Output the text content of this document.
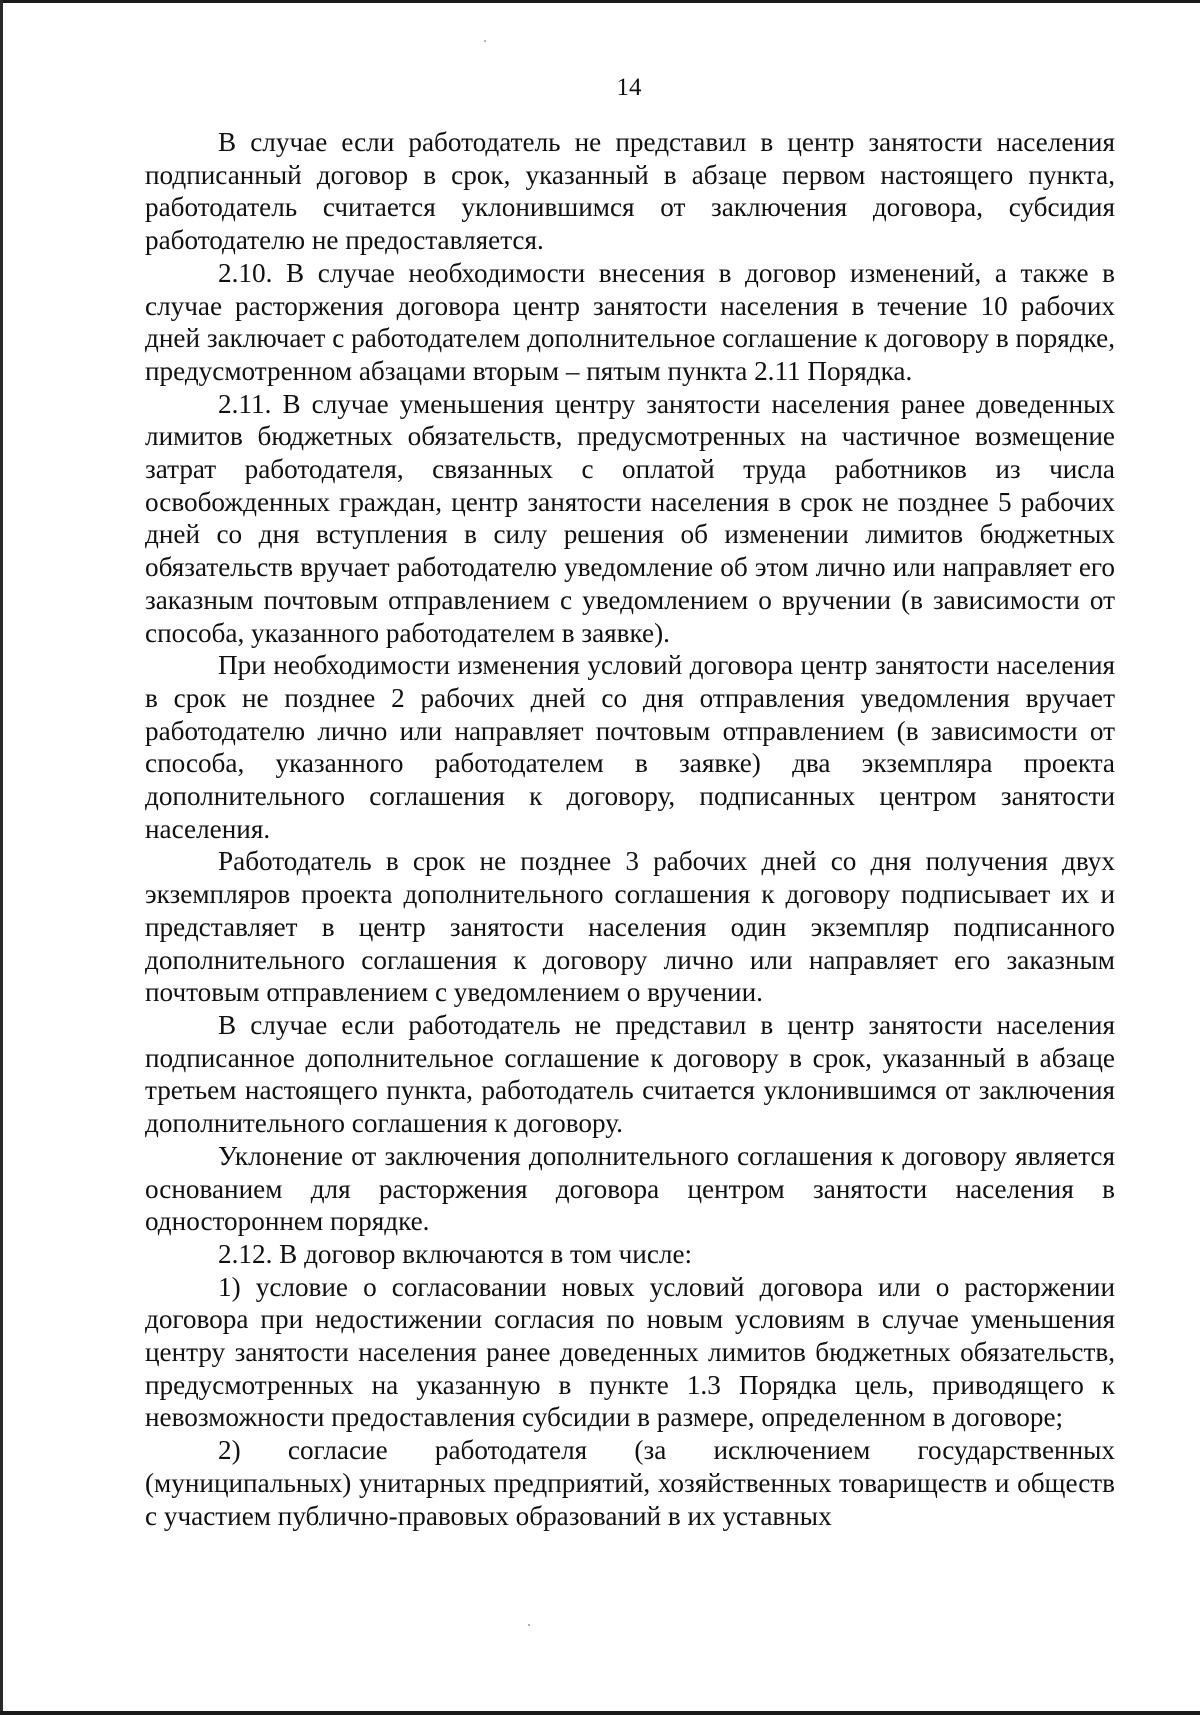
14

В случае если работодатель не представил в центр занятости населения подписанный договор в срок, указанный в абзаце первом настоящего пункта, работодатель считается уклонившимся от заключения договора, субсидия работодателю не предоставляется.

2.10. В случае необходимости внесения в договор изменений, а также в случае расторжения договора центр занятости населения в течение 10 рабочих дней заключает с работодателем дополнительное соглашение к договору в порядке, предусмотренном абзацами вторым – пятым пункта 2.11 Порядка.

2.11. В случае уменьшения центру занятости населения ранее доведенных лимитов бюджетных обязательств, предусмотренных на частичное возмещение затрат работодателя, связанных с оплатой труда работников из числа освобожденных граждан, центр занятости населения в срок не позднее 5 рабочих дней со дня вступления в силу решения об изменении лимитов бюджетных обязательств вручает работодателю уведомление об этом лично или направляет его заказным почтовым отправлением с уведомлением о вручении (в зависимости от способа, указанного работодателем в заявке).

При необходимости изменения условий договора центр занятости населения в срок не позднее 2 рабочих дней со дня отправления уведомления вручает работодателю лично или направляет почтовым отправлением (в зависимости от способа, указанного работодателем в заявке) два экземпляра проекта дополнительного соглашения к договору, подписанных центром занятости населения.

Работодатель в срок не позднее 3 рабочих дней со дня получения двух экземпляров проекта дополнительного соглашения к договору подписывает их и представляет в центр занятости населения один экземпляр подписанного дополнительного соглашения к договору лично или направляет его заказным почтовым отправлением с уведомлением о вручении.

В случае если работодатель не представил в центр занятости населения подписанное дополнительное соглашение к договору в срок, указанный в абзаце третьем настоящего пункта, работодатель считается уклонившимся от заключения дополнительного соглашения к договору.

Уклонение от заключения дополнительного соглашения к договору является основанием для расторжения договора центром занятости населения в одностороннем порядке.

2.12. В договор включаются в том числе:

1) условие о согласовании новых условий договора или о расторжении договора при недостижении согласия по новым условиям в случае уменьшения центру занятости населения ранее доведенных лимитов бюджетных обязательств, предусмотренных на указанную в пункте 1.3 Порядка цель, приводящего к невозможности предоставления субсидии в размере, определенном в договоре;

2) согласие работодателя (за исключением государственных (муниципальных) унитарных предприятий, хозяйственных товариществ и обществ с участием публично-правовых образований в их уставных
